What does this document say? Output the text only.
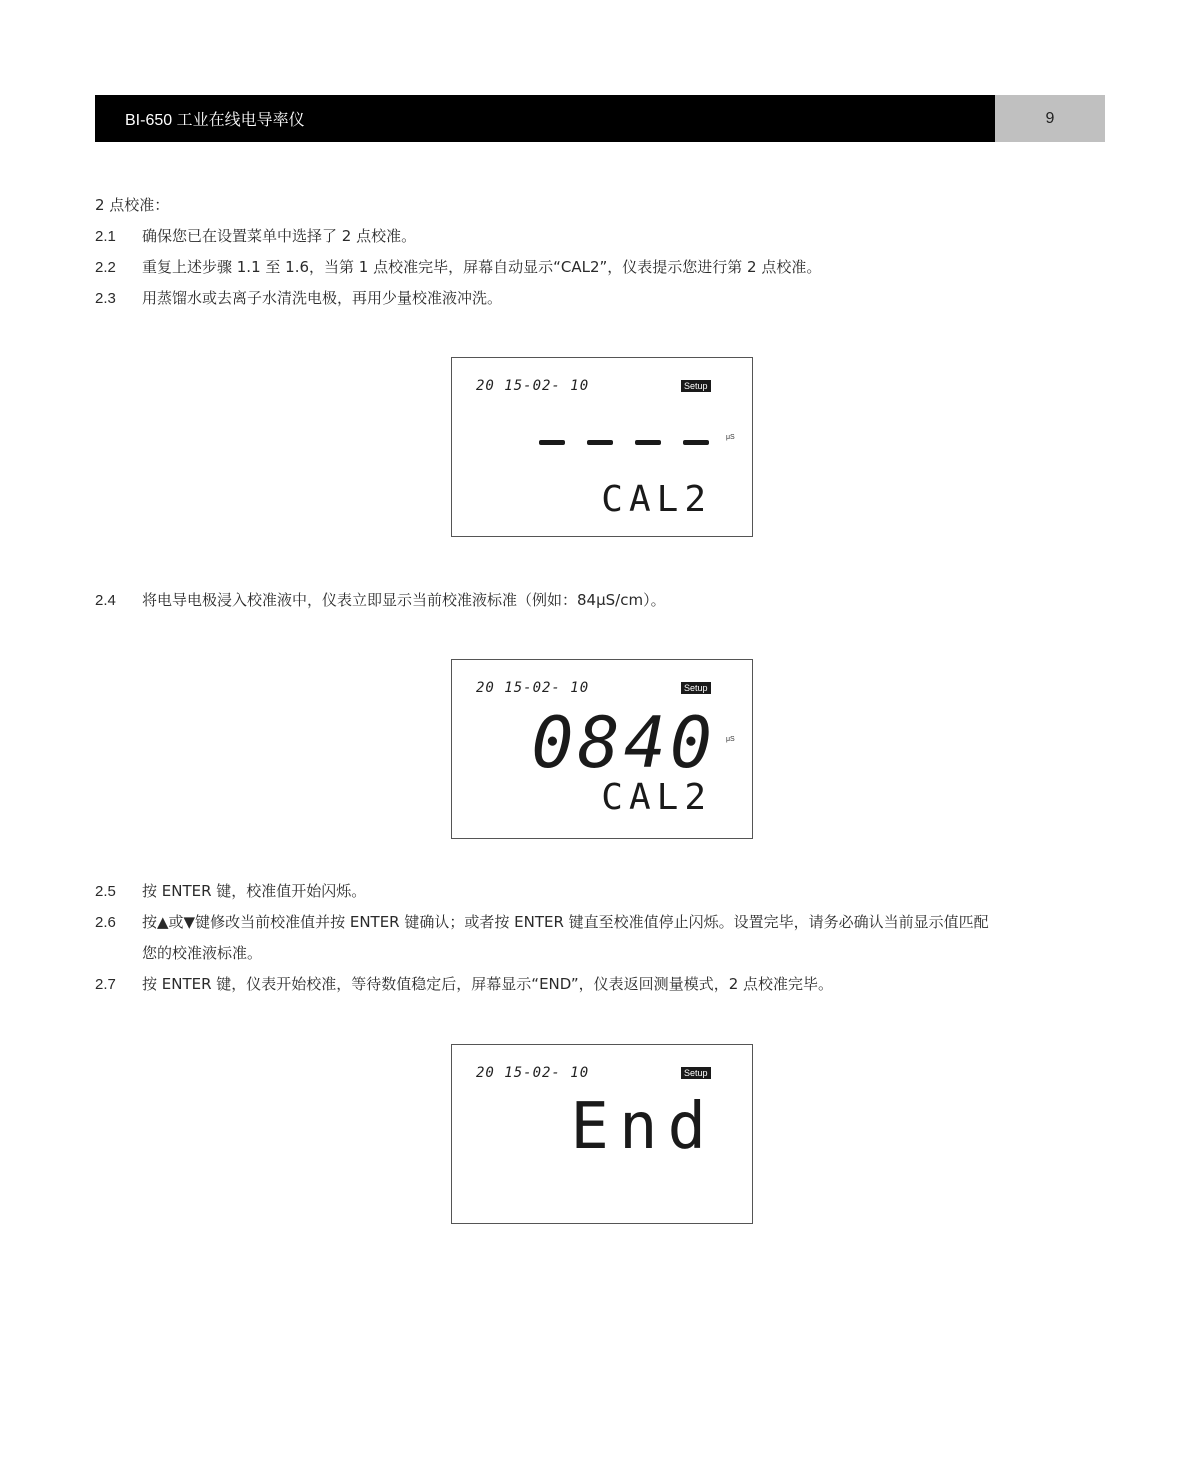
BI-650 工业在线电导率仪	9
2 点校准：
2.1	确保您已在设置菜单中选择了 2 点校准。
2.2	重复上述步骤 1.1 至 1.6，当第 1 点校准完毕，屏幕自动显示“CAL2”，仪表提示您进行第 2 点校准。
2.3	用蒸馏水或去离子水清洗电极，再用少量校准液冲洗。
20 15-02- 10	Setup
μS
CAL2
2.4	将电导电极浸入校准液中，仪表立即显示当前校准液标准（例如：84μS/cm）。
20 15-02- 10	Setup
0840 μS
CAL2
2.5	按 ENTER 键，校准值开始闪烁。
2.6	按▲或▼键修改当前校准值并按 ENTER 键确认；或者按 ENTER 键直至校准值停止闪烁。设置完毕，请务必确认当前显示值匹配
您的校准液标准。
2.7	按 ENTER 键，仪表开始校准，等待数值稳定后，屏幕显示“END”，仪表返回测量模式，2 点校准完毕。
20 15-02- 10	Setup
End
